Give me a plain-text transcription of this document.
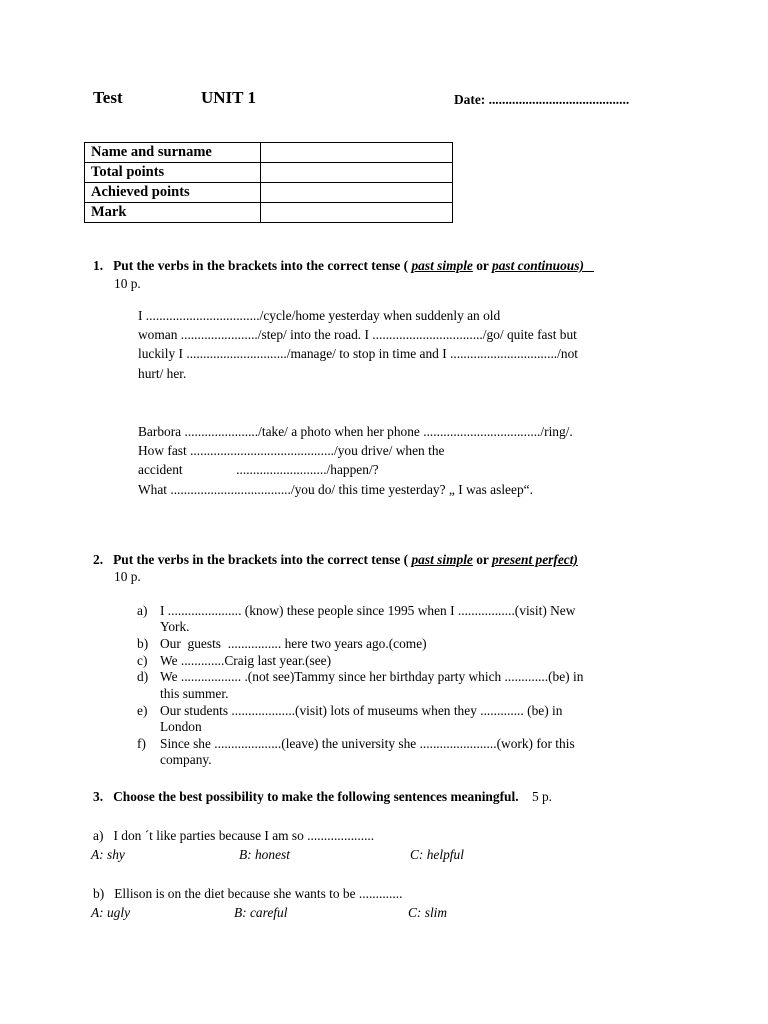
Test	UNIT 1	Date: ..........................................
Name and surname	
Total points	
Achieved points	
Mark	
1. Put the verbs in the brackets into the correct tense ( past simple or past continuous)
10 p.
I ................................../cycle/home yesterday when suddenly an old
woman ......................./step/ into the road. I ................................./go/ quite fast but
luckily I ............................../manage/ to stop in time and I ................................/not
hurt/ her.
Barbora ....................../take/ a photo when her phone .................................../ring/.
How fast .........................................../you drive/ when the
accident                .........................../happen/?
What ..................................../you do/ this time yesterday? „ I was asleep“.
2. Put the verbs in the brackets into the correct tense ( past simple or present perfect)
10 p.
a) I ...................... (know) these people since 1995 when I .................(visit) New
York.
b) Our  guests  ................ here two years ago.(come)
c) We .............Craig last year.(see)
d) We .................. .(not see)Tammy since her birthday party which .............(be) in
this summer.
e) Our students ...................(visit) lots of museums when they ............. (be) in
London
f) Since she ....................(leave) the university she .......................(work) for this
company.
3. Choose the best possibility to make the following sentences meaningful. 5 p.
a) I don ´t like parties because I am so ....................
A: shy	B: honest	C: helpful
b) Ellison is on the diet because she wants to be .............
A: ugly	B: careful	C: slim
